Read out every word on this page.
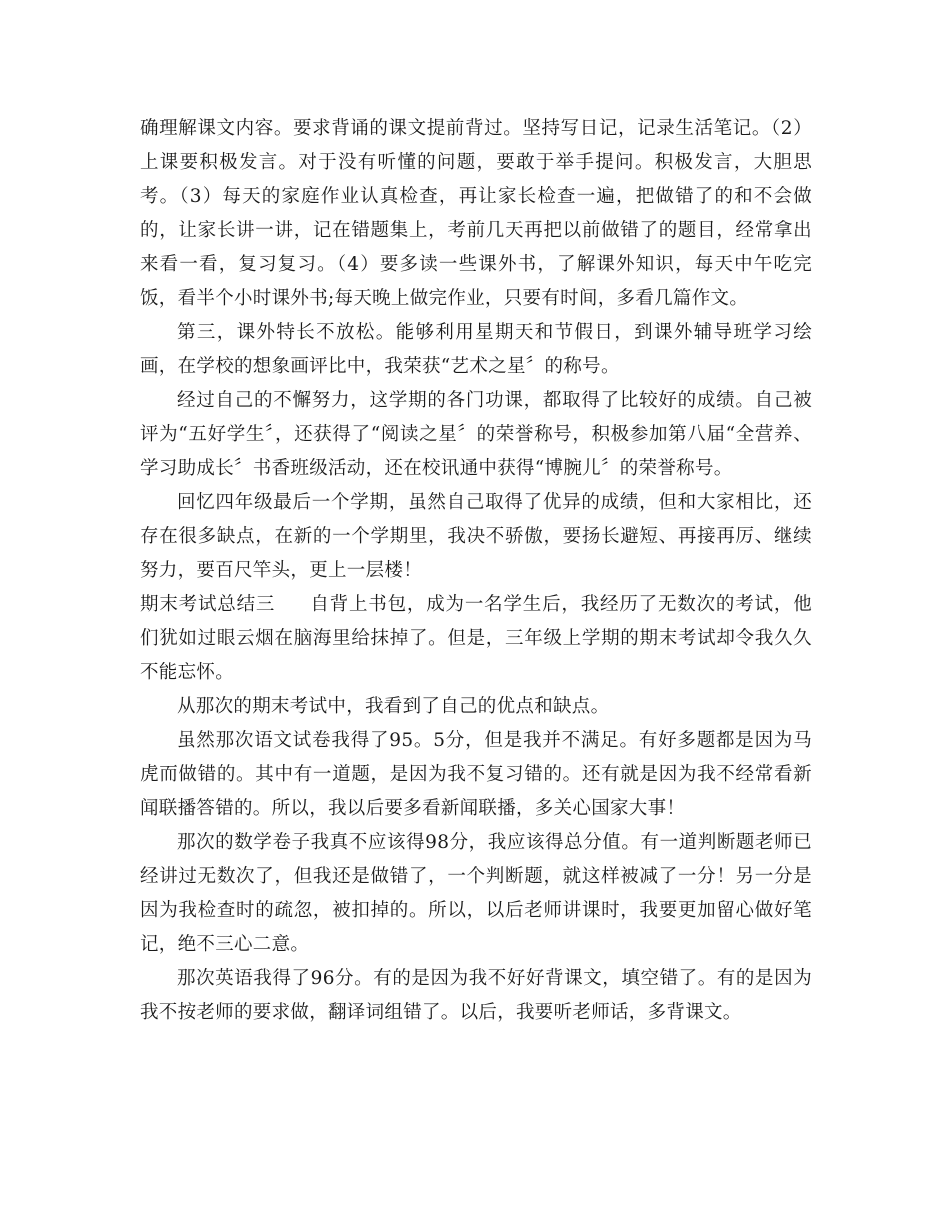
确理解课文内容。要求背诵的课文提前背过。坚持写日记，记录生活笔记。（2）上课要积极发言。对于没有听懂的问题，要敢于举手提问。积极发言，大胆思考。（3）每天的家庭作业认真检查，再让家长检查一遍，把做错了的和不会做的，让家长讲一讲，记在错题集上，考前几天再把以前做错了的题目，经常拿出来看一看，复习复习。（4）要多读一些课外书，了解课外知识，每天中午吃完饭，看半个小时课外书;每天晚上做完作业，只要有时间，多看几篇作文。

第三，课外特长不放松。能够利用星期天和节假日，到课外辅导班学习绘画，在学校的想象画评比中，我荣获“艺术之星〞的称号。

经过自己的不懈努力，这学期的各门功课，都取得了比较好的成绩。自己被评为“五好学生〞，还获得了“阅读之星〞的荣誉称号，积极参加第八届“全营养、学习助成长〞书香班级活动，还在校讯通中获得“博腕儿〞的荣誉称号。

回忆四年级最后一个学期，虽然自己取得了优异的成绩，但和大家相比，还存在很多缺点，在新的一个学期里，我决不骄傲，要扬长避短、再接再厉、继续努力，要百尺竿头，更上一层楼！

期末考试总结三 自背上书包，成为一名学生后，我经历了无数次的考试，他们犹如过眼云烟在脑海里给抹掉了。但是，三年级上学期的期末考试却令我久久不能忘怀。

从那次的期末考试中，我看到了自己的优点和缺点。

虽然那次语文试卷我得了95。5分，但是我并不满足。有好多题都是因为马虎而做错的。其中有一道题，是因为我不复习错的。还有就是因为我不经常看新闻联播答错的。所以，我以后要多看新闻联播，多关心国家大事！

那次的数学卷子我真不应该得98分，我应该得总分值。有一道判断题老师已经讲过无数次了，但我还是做错了，一个判断题，就这样被减了一分！另一分是因为我检查时的疏忽，被扣掉的。所以，以后老师讲课时，我要更加留心做好笔记，绝不三心二意。

那次英语我得了96分。有的是因为我不好好背课文，填空错了。有的是因为我不按老师的要求做，翻译词组错了。以后，我要听老师话，多背课文。
